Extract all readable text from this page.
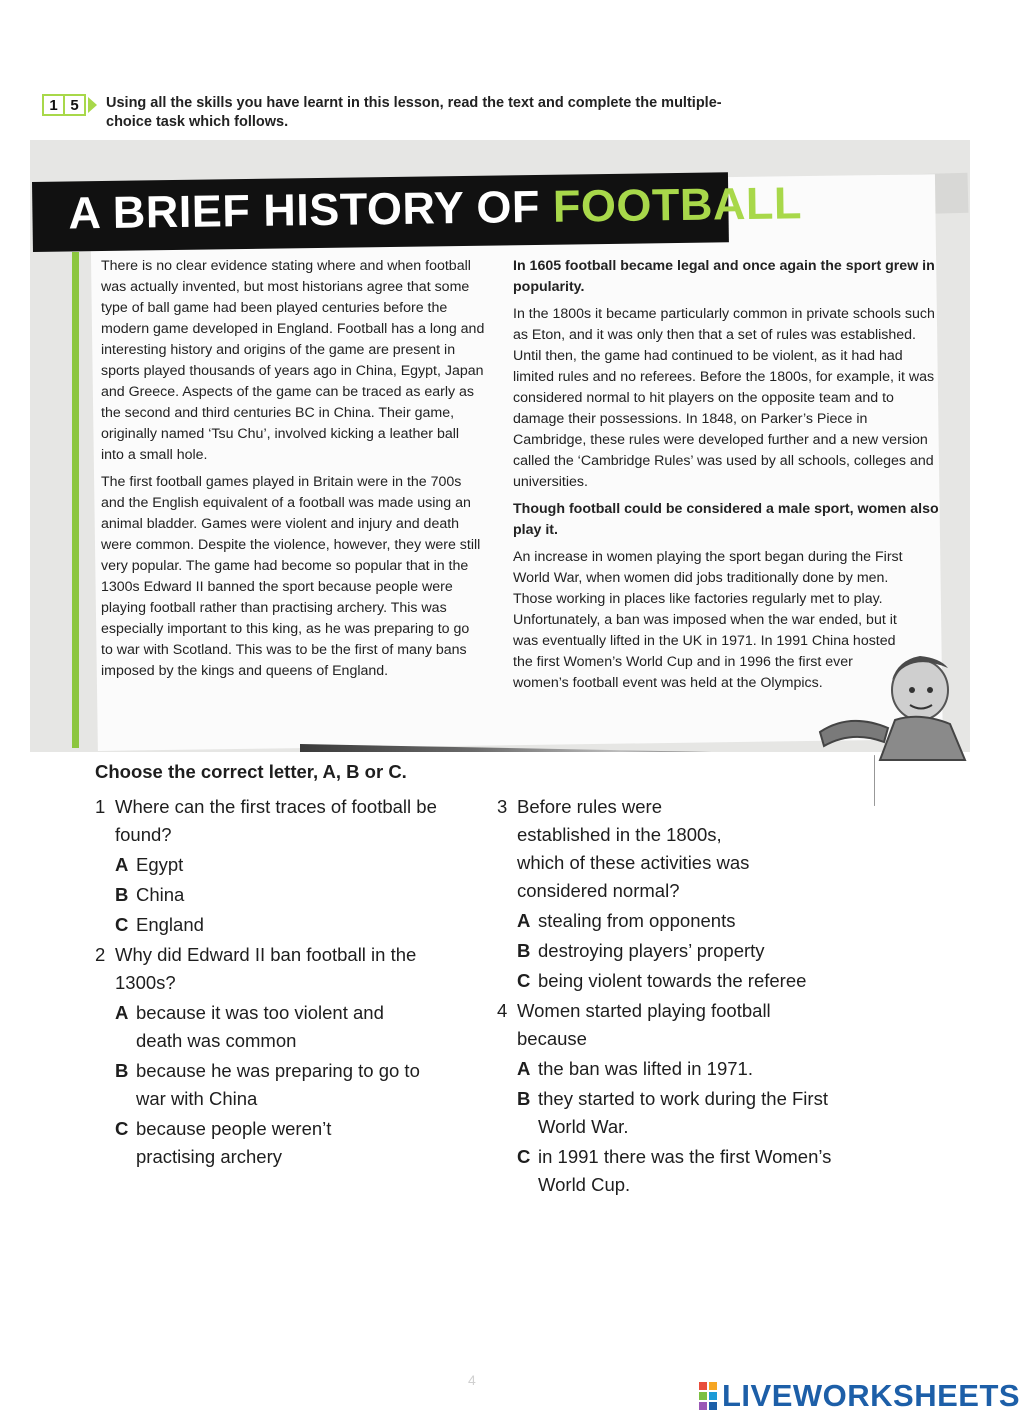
1 5	Using all the skills you have learnt in this lesson, read the text and complete the multiple-choice task which follows.
A BRIEF HISTORY OF FOOTBALL

There is no clear evidence stating where and when football was actually invented, but most historians agree that some type of ball game had been played centuries before the modern game developed in England. Football has a long and interesting history and origins of the game are present in sports played thousands of years ago in China, Egypt, Japan and Greece. Aspects of the game can be traced as early as the second and third centuries BC in China. Their game, originally named ‘Tsu Chu’, involved kicking a leather ball into a small hole.

The first football games played in Britain were in the 700s and the English equivalent of a football was made using an animal bladder. Games were violent and injury and death were common. Despite the violence, however, they were still very popular. The game had become so popular that in the 1300s Edward II banned the sport because people were playing football rather than practising archery. This was especially important to this king, as he was preparing to go to war with Scotland. This was to be the first of many bans imposed by the kings and queens of England.

In 1605 football became legal and once again the sport grew in popularity.

In the 1800s it became particularly common in private schools such as Eton, and it was only then that a set of rules was established. Until then, the game had continued to be violent, as it had had limited rules and no referees. Before the 1800s, for example, it was considered normal to hit players on the opposite team and to damage their possessions. In 1848, on Parker’s Piece in Cambridge, these rules were developed further and a new version called the ‘Cambridge Rules’ was used by all schools, colleges and universities.

Though football could be considered a male sport, women also play it.

An increase in women playing the sport began during the First World War, when women did jobs traditionally done by men. Those working in places like factories regularly met to play. Unfortunately, a ban was imposed when the war ended, but it was eventually lifted in the UK in 1971. In 1991 China hosted the first Women’s World Cup and in 1996 the first ever women’s football event was held at the Olympics.

Choose the correct letter, A, B or C.
1 Where can the first traces of football be found?
A Egypt
B China
C England
2 Why did Edward II ban football in the 1300s?
A because it was too violent and death was common
B because he was preparing to go to war with China
C because people weren’t practising archery
3 Before rules were established in the 1800s, which of these activities was considered normal?
A stealing from opponents
B destroying players’ property
C being violent towards the referee
4 Women started playing football because
A the ban was lifted in 1971.
B they started to work during the First World War.
C in 1991 there was the first Women’s World Cup.
4	LIVEWORKSHEETS
